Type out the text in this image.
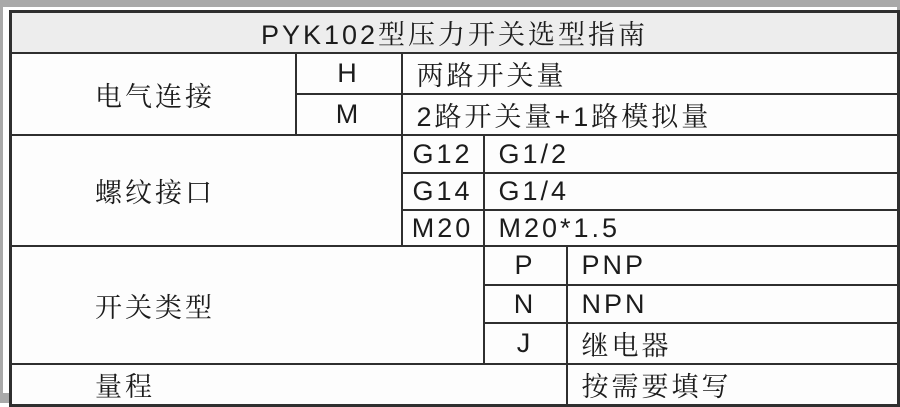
PYK102型压力开关选型指南				
电气连接	H	两路开关量		
	M	2路开关量+1路模拟量		
螺纹接口		G12	G1/2	
		G14	G1/4	
		M20	M20*1.5	
开关类型			P	PNP
			N	NPN
			J	继电器
量程				按需要填写
